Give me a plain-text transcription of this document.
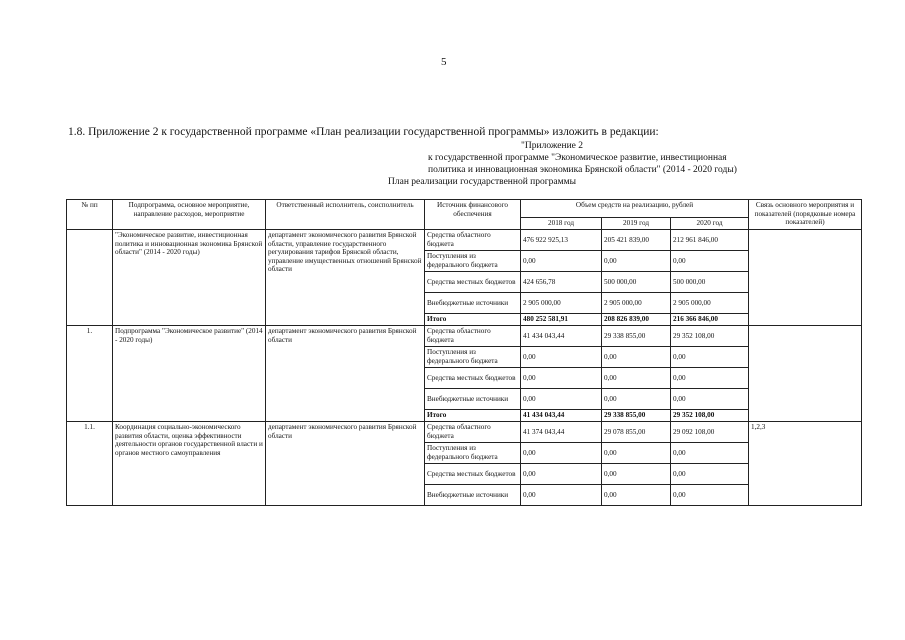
5
1.8. Приложение 2 к государственной программе «План реализации государственной программы» изложить в редакции:
"Приложение 2
к государственной программе "Экономическое развитие, инвестиционная
политика и инновационная экономика Брянской области" (2014 - 2020 годы)
План реализации государственной программы
№ пп	Подпрограмма, основное мероприятие, направление расходов, мероприятие	Ответственный исполнитель, соисполнитель	Источник финансового обеспечения	Объем средств на реализацию, рублей			Связь основного мероприятия и показателей (порядковые номера показателей)
				2018 год	2019 год	2020 год	
	"Экономическое развитие, инвестиционная политика и инновационная экономика Брянской области" (2014 - 2020 годы)	департамент экономического развития Брянской области, управление государственного регулирования тарифов Брянской области, управление имущественных отношений Брянской области	Средства областного бюджета	476 922 925,13	205 421 839,00	212 961 846,00	
			Поступления из федерального бюджета	0,00	0,00	0,00	
			Средства местных бюджетов	424 656,78	500 000,00	500 000,00	
			Внебюджетные источники	2 905 000,00	2 905 000,00	2 905 000,00	
			Итого	480 252 581,91	208 826 839,00	216 366 846,00	
1.	Подпрограмма "Экономическое развитие" (2014 - 2020 годы)	департамент экономического развития Брянской области	Средства областного бюджета	41 434 043,44	29 338 855,00	29 352 108,00	
			Поступления из федерального бюджета	0,00	0,00	0,00	
			Средства местных бюджетов	0,00	0,00	0,00	
			Внебюджетные источники	0,00	0,00	0,00	
			Итого	41 434 043,44	29 338 855,00	29 352 108,00	
1.1.	Координация социально-экономического развития области, оценка эффективности деятельности органов государственной власти и органов местного самоуправления	департамент экономического развития Брянской области	Средства областного бюджета	41 374 043,44	29 078 855,00	29 092 108,00	1,2,3
			Поступления из федерального бюджета	0,00	0,00	0,00	
			Средства местных бюджетов	0,00	0,00	0,00	
			Внебюджетные источники	0,00	0,00	0,00	
